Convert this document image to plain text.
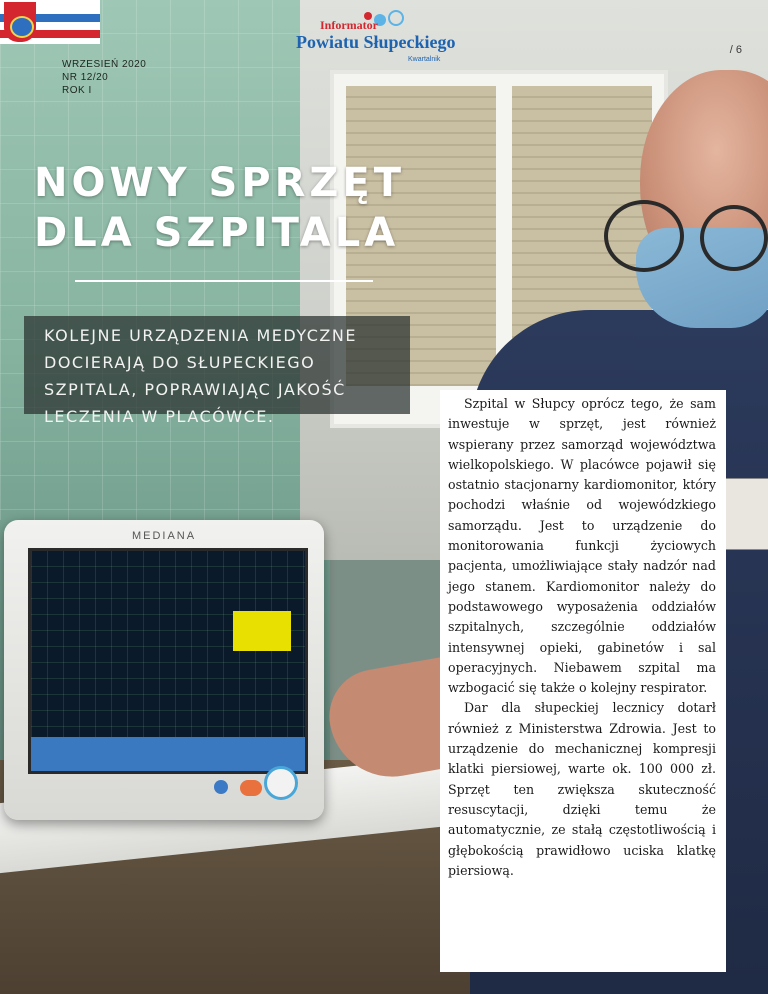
MEDIANA
Informator
Powiatu Słupeckiego
Kwartalnik
/ 6
WRZESIEŃ 2020
NR 12/20
ROK I
NOWY SPRZĘT
DLA SZPITALA

KOLEJNE URZĄDZENIA MEDYCZNE DOCIERAJĄ DO SŁUPECKIEGO SZPITALA, POPRAWIAJĄC JAKOŚĆ LECZENIA W PLACÓWCE.

Szpital w Słupcy oprócz tego, że sam inwestuje w sprzęt, jest również wspierany przez samorząd województwa wielkopolskiego. W placówce pojawił się ostatnio stacjonarny kardiomonitor, który pochodzi właśnie od wojewódzkiego samorządu. Jest to urządzenie do monitorowania funkcji życiowych pacjenta, umożliwiające stały nadzór nad jego stanem. Kardiomonitor należy do podstawowego wyposażenia oddziałów szpitalnych, szczególnie oddziałów intensywnej opieki, gabinetów i sal operacyjnych. Niebawem szpital ma wzbogacić się także o kolejny respirator.

Dar dla słupeckiej lecznicy dotarł również z Ministerstwa Zdrowia. Jest to urządzenie do mechanicznej kompresji klatki piersiowej, warte ok. 100 000 zł. Sprzęt ten zwiększa skuteczność resuscytacji, dzięki temu że automatycznie, ze stałą częstotliwością i głębokością prawidłowo uciska klatkę piersiową.
